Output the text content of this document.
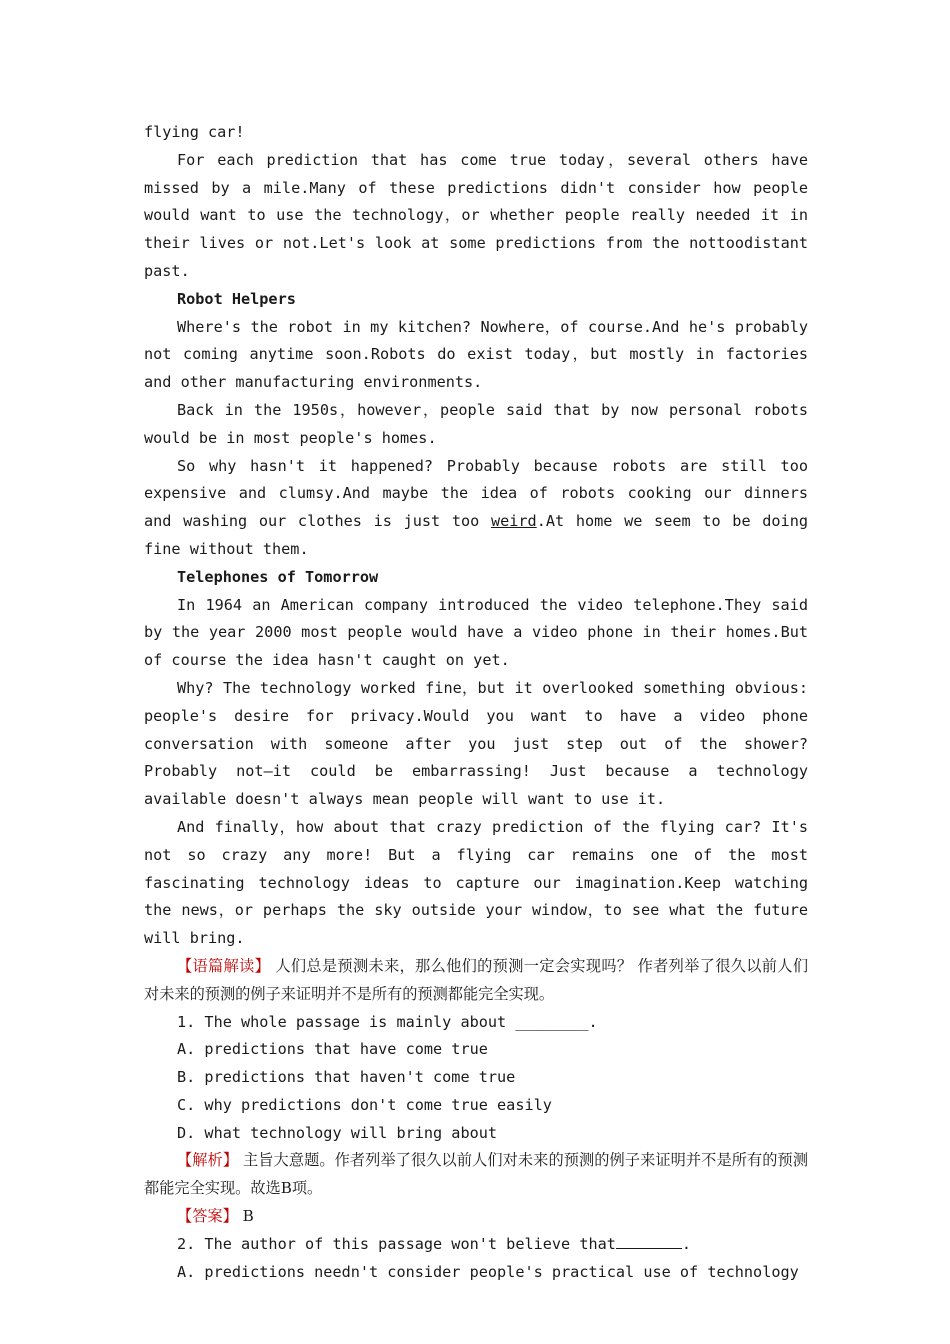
flying car!

For each prediction that has come true today，several others have missed by a mile.Many of these predictions didn't consider how people would want to use the technology，or whether people really needed it in their lives or not.Let's look at some predictions from the nottoodistant past.

Robot Helpers

Where's the robot in my kitchen? Nowhere，of course.And he's probably not coming anytime soon.Robots do exist today，but mostly in factories and other manufacturing environments.

Back in the 1950s，however，people said that by now personal robots would be in most people's homes.

So why hasn't it happened? Probably because robots are still too expensive and clumsy.And maybe the idea of robots cooking our dinners and washing our clothes is just too weird.At home we seem to be doing fine without them.

Telephones of Tomorrow

In 1964 an American company introduced the video telephone.They said by the year 2000 most people would have a video phone in their homes.But of course the idea hasn't caught on yet.

Why? The technology worked fine，but it overlooked something obvious: people's desire for privacy.Would you want to have a video phone conversation with someone after you just step out of the shower? Probably not—it could be embarrassing! Just because a technology available doesn't always mean people will want to use it.

And finally，how about that crazy prediction of the flying car? It's not so crazy any more! But a flying car remains one of the most fascinating technology ideas to capture our imagination.Keep watching the news，or perhaps the sky outside your window，to see what the future will bring.

【语篇解读】 人们总是预测未来，那么他们的预测一定会实现吗？ 作者列举了很久以前人们对未来的预测的例子来证明并不是所有的预测都能完全实现。

1. The whole passage is mainly about ________.

A. predictions that have come true

B. predictions that haven't come true

C. why predictions don't come true easily

D. what technology will bring about

【解析】 主旨大意题。作者列举了很久以前人们对未来的预测的例子来证明并不是所有的预测都能完全实现。故选B项。

【答案】 B

2. The author of this passage won't believe that	.

A. predictions needn't consider people's practical use of technology
